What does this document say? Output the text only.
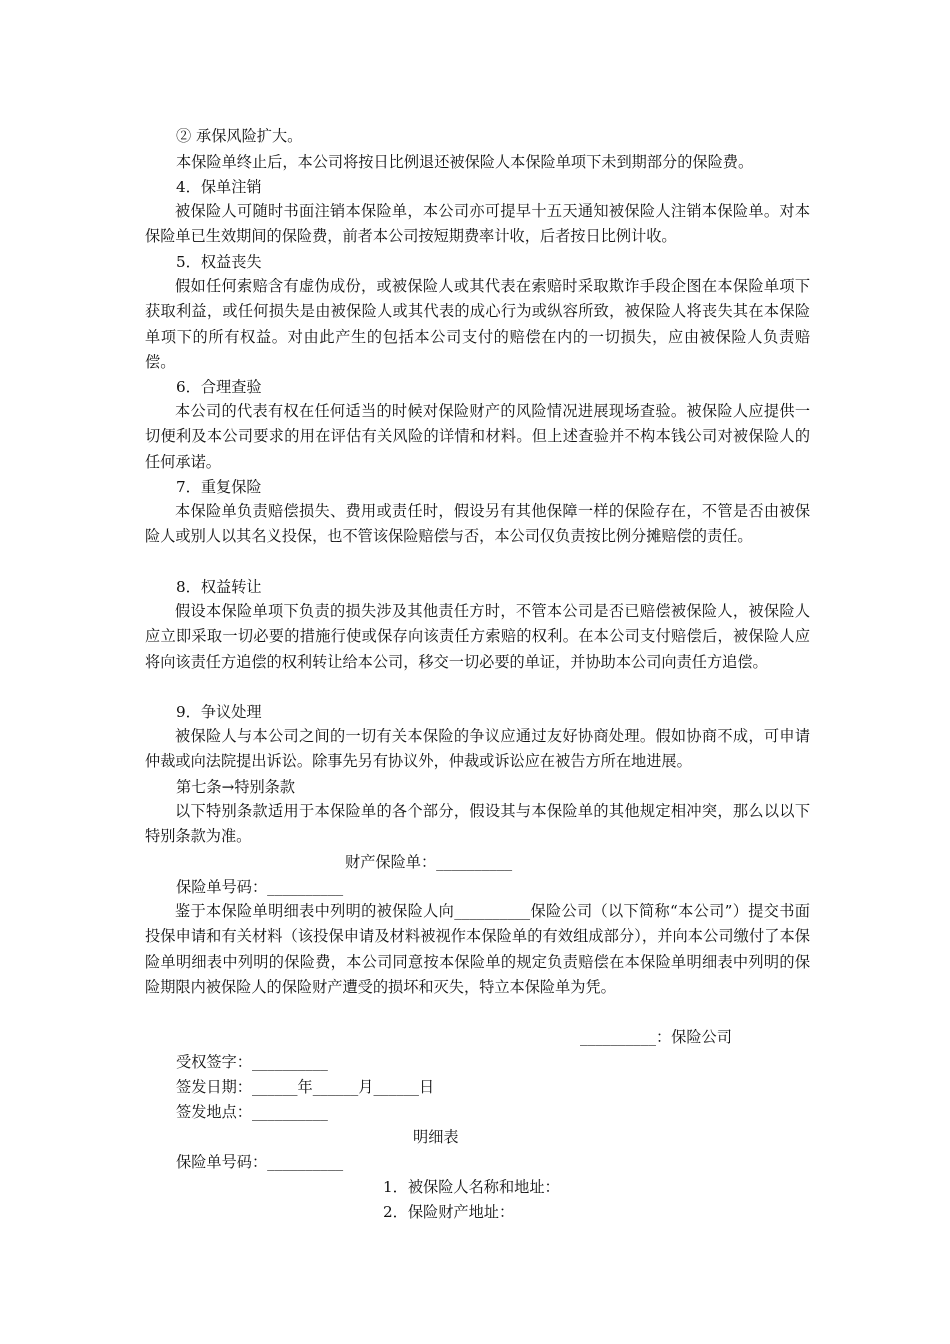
② 承保风险扩大。
本保险单终止后，本公司将按日比例退还被保险人本保险单项下未到期部分的保险费。
4．保单注销
被保险人可随时书面注销本保险单，本公司亦可提早十五天通知被保险人注销本保险单。对本保险单已生效期间的保险费，前者本公司按短期费率计收，后者按日比例计收。
5．权益丧失
假如任何索赔含有虚伪成份，或被保险人或其代表在索赔时采取欺诈手段企图在本保险单项下获取利益，或任何损失是由被保险人或其代表的成心行为或纵容所致，被保险人将丧失其在本保险单项下的所有权益。对由此产生的包括本公司支付的赔偿在内的一切损失，应由被保险人负责赔偿。
6．合理查验
本公司的代表有权在任何适当的时候对保险财产的风险情况进展现场查验。被保险人应提供一切便利及本公司要求的用在评估有关风险的详情和材料。但上述查验并不构本钱公司对被保险人的任何承诺。
7．重复保险
本保险单负责赔偿损失、费用或责任时，假设另有其他保障一样的保险存在，不管是否由被保险人或别人以其名义投保，也不管该保险赔偿与否，本公司仅负责按比例分摊赔偿的责任。
8．权益转让
假设本保险单项下负责的损失涉及其他责任方时，不管本公司是否已赔偿被保险人，被保险人应立即采取一切必要的措施行使或保存向该责任方索赔的权利。在本公司支付赔偿后，被保险人应将向该责任方追偿的权利转让给本公司，移交一切必要的单证，并协助本公司向责任方追偿。
9．争议处理
被保险人与本公司之间的一切有关本保险的争议应通过友好协商处理。假如协商不成，可申请仲裁或向法院提出诉讼。除事先另有协议外，仲裁或诉讼应在被告方所在地进展。
第七条→特别条款
以下特别条款适用于本保险单的各个部分，假设其与本保险单的其他规定相冲突，那么以以下特别条款为准。
财产保险单：__________
保险单号码：__________
鉴于本保险单明细表中列明的被保险人向__________保险公司（以下简称“本公司”）提交书面投保申请和有关材料（该投保申请及材料被视作本保险单的有效组成部分），并向本公司缴付了本保险单明细表中列明的保险费，本公司同意按本保险单的规定负责赔偿在本保险单明细表中列明的保险期限内被保险人的保险财产遭受的损坏和灭失，特立本保险单为凭。
__________：保险公司
受权签字：__________
签发日期：______年______月______日
签发地点：__________
明细表
保险单号码：__________
1．被保险人名称和地址：
2．保险财产地址：
